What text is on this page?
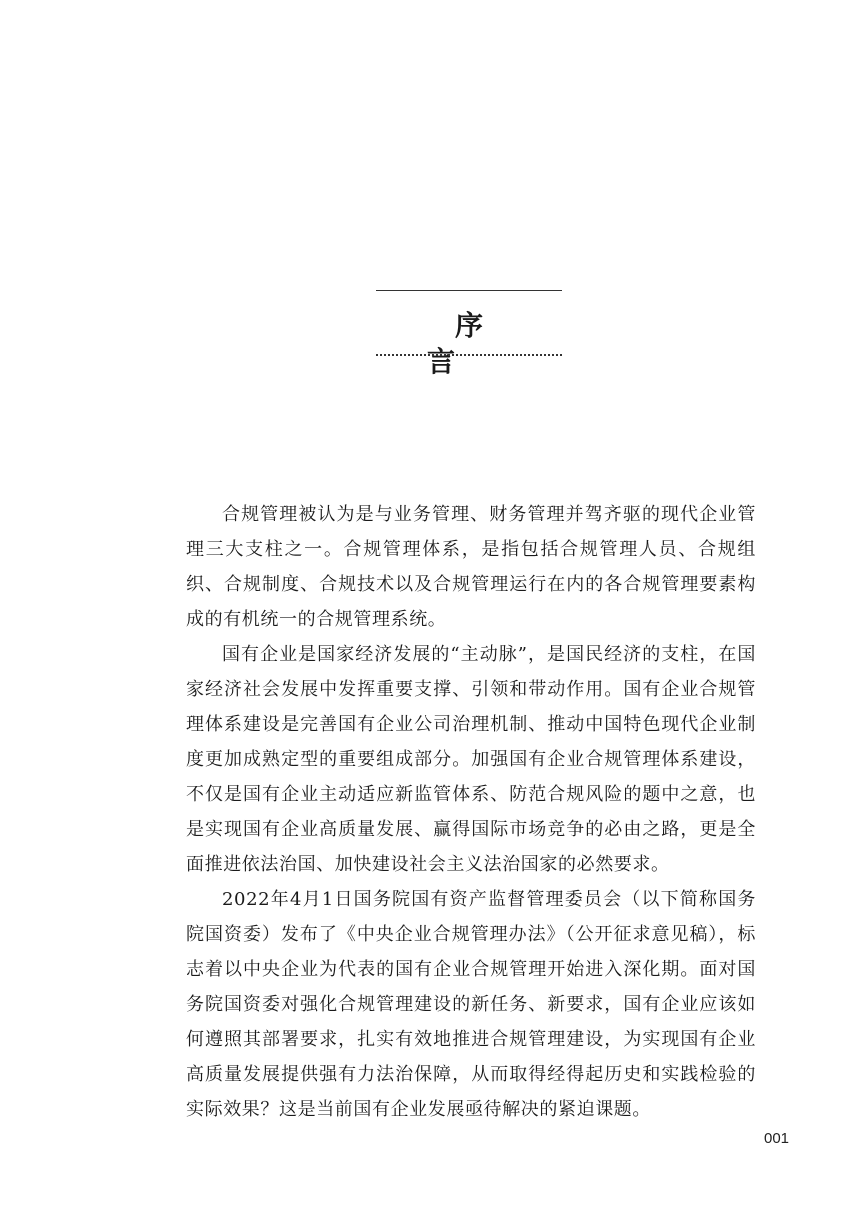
序 言

合规管理被认为是与业务管理、财务管理并驾齐驱的现代企业管理三大支柱之一。合规管理体系，是指包括合规管理人员、合规组织、合规制度、合规技术以及合规管理运行在内的各合规管理要素构成的有机统一的合规管理系统。

国有企业是国家经济发展的“主动脉”，是国民经济的支柱，在国家经济社会发展中发挥重要支撑、引领和带动作用。国有企业合规管理体系建设是完善国有企业公司治理机制、推动中国特色现代企业制度更加成熟定型的重要组成部分。加强国有企业合规管理体系建设，不仅是国有企业主动适应新监管体系、防范合规风险的题中之意，也是实现国有企业高质量发展、赢得国际市场竞争的必由之路，更是全面推进依法治国、加快建设社会主义法治国家的必然要求。

2022年4月1日国务院国有资产监督管理委员会（以下简称国务院国资委）发布了《中央企业合规管理办法》（公开征求意见稿），标志着以中央企业为代表的国有企业合规管理开始进入深化期。面对国务院国资委对强化合规管理建设的新任务、新要求，国有企业应该如何遵照其部署要求，扎实有效地推进合规管理建设，为实现国有企业高质量发展提供强有力法治保障，从而取得经得起历史和实践检验的实际效果？这是当前国有企业发展亟待解决的紧迫课题。

001
